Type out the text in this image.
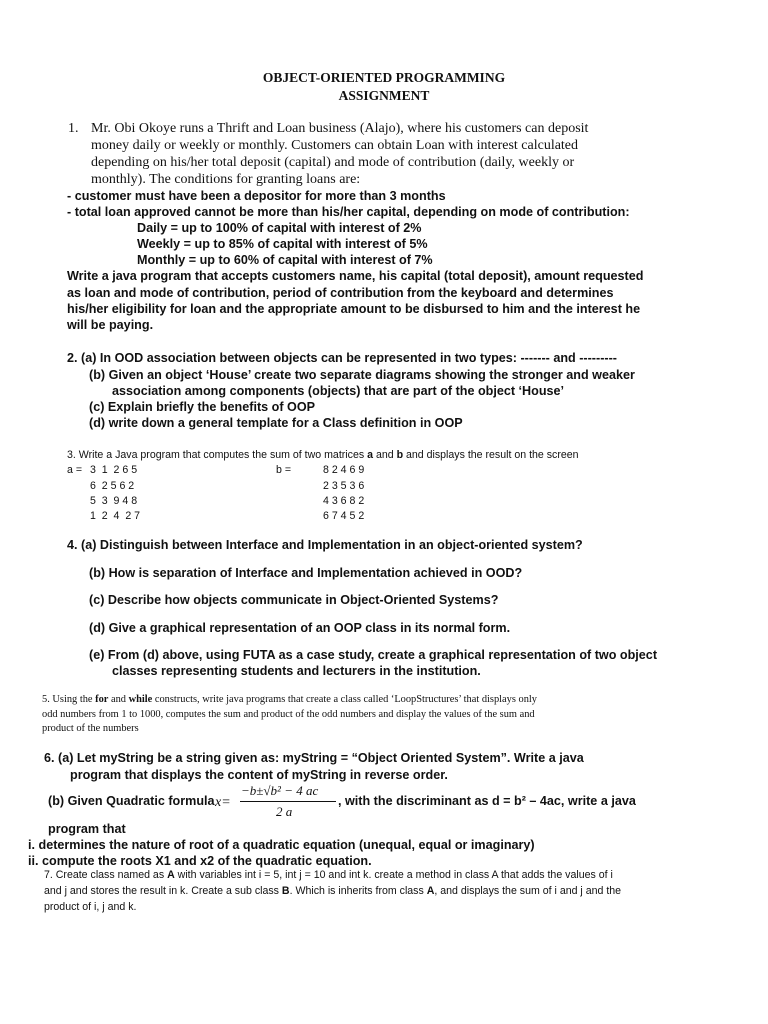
OBJECT-ORIENTED PROGRAMMING
ASSIGNMENT
1. Mr. Obi Okoye runs a Thrift and Loan business (Alajo), where his customers can deposit
money daily or weekly or monthly. Customers can obtain Loan with interest calculated
depending on his/her total deposit (capital) and mode of contribution (daily, weekly or
monthly). The conditions for granting loans are:
- customer must have been a depositor for more than 3 months
- total loan approved cannot be more than his/her capital, depending on mode of contribution:
Daily = up to 100% of capital with interest of 2%
Weekly = up to 85% of capital with interest of 5%
Monthly = up to 60% of capital with interest of 7%
Write a java program that accepts customers name, his capital (total deposit), amount requested
as loan and mode of contribution, period of contribution from the keyboard and determines
his/her eligibility for loan and the appropriate amount to be disbursed to him and the interest he
will be paying.
2. (a) In OOD association between objects can be represented in two types: ------- and ---------
(b) Given an object ‘House’ create two separate diagrams showing the stronger and weaker
association among components (objects) that are part of the object ‘House’
(c) Explain briefly the benefits of OOP
(d) write down a general template for a Class definition in OOP
3. Write a Java program that computes the sum of two matrices a and b and displays the result on the screen
a = 3  1  2 6 5
6  2 5 6 2
5  3  9 4 8
1  2  4  2 7
b =	8 2 4 6 9
2 3 5 3 6
4 3 6 8 2
6 7 4 5 2
4. (a) Distinguish between Interface and Implementation in an object-oriented system?
(b) How is separation of Interface and Implementation achieved in OOD?
(c) Describe how objects communicate in Object-Oriented Systems?
(d) Give a graphical representation of an OOP class in its normal form.
(e) From (d) above, using FUTA as a case study, create a graphical representation of two object
classes representing students and lecturers in the institution.
5. Using the for and while constructs, write java programs that create a class called ‘LoopStructures’ that displays only
odd numbers from 1 to 1000, computes the sum and product of the odd numbers and display the values of the sum and
product of the numbers
6. (a) Let myString be a string given as: myString = “Object Oriented System”. Write a java
program that displays the content of myString in reverse order.
(b) Given Quadratic formula x=
−b±√b² − 4 ac
2 a
, with the discriminant as d = b² – 4ac, write a java
program that
i. determines the nature of root of a quadratic equation (unequal, equal or imaginary)
ii. compute the roots X1 and x2 of the quadratic equation.
7. Create class named as A with variables int i = 5, int j = 10 and int k. create a method in class A that adds the values of i
and j and stores the result in k. Create a sub class B. Which is inherits from class A, and displays the sum of i and j and the
product of i, j and k.
